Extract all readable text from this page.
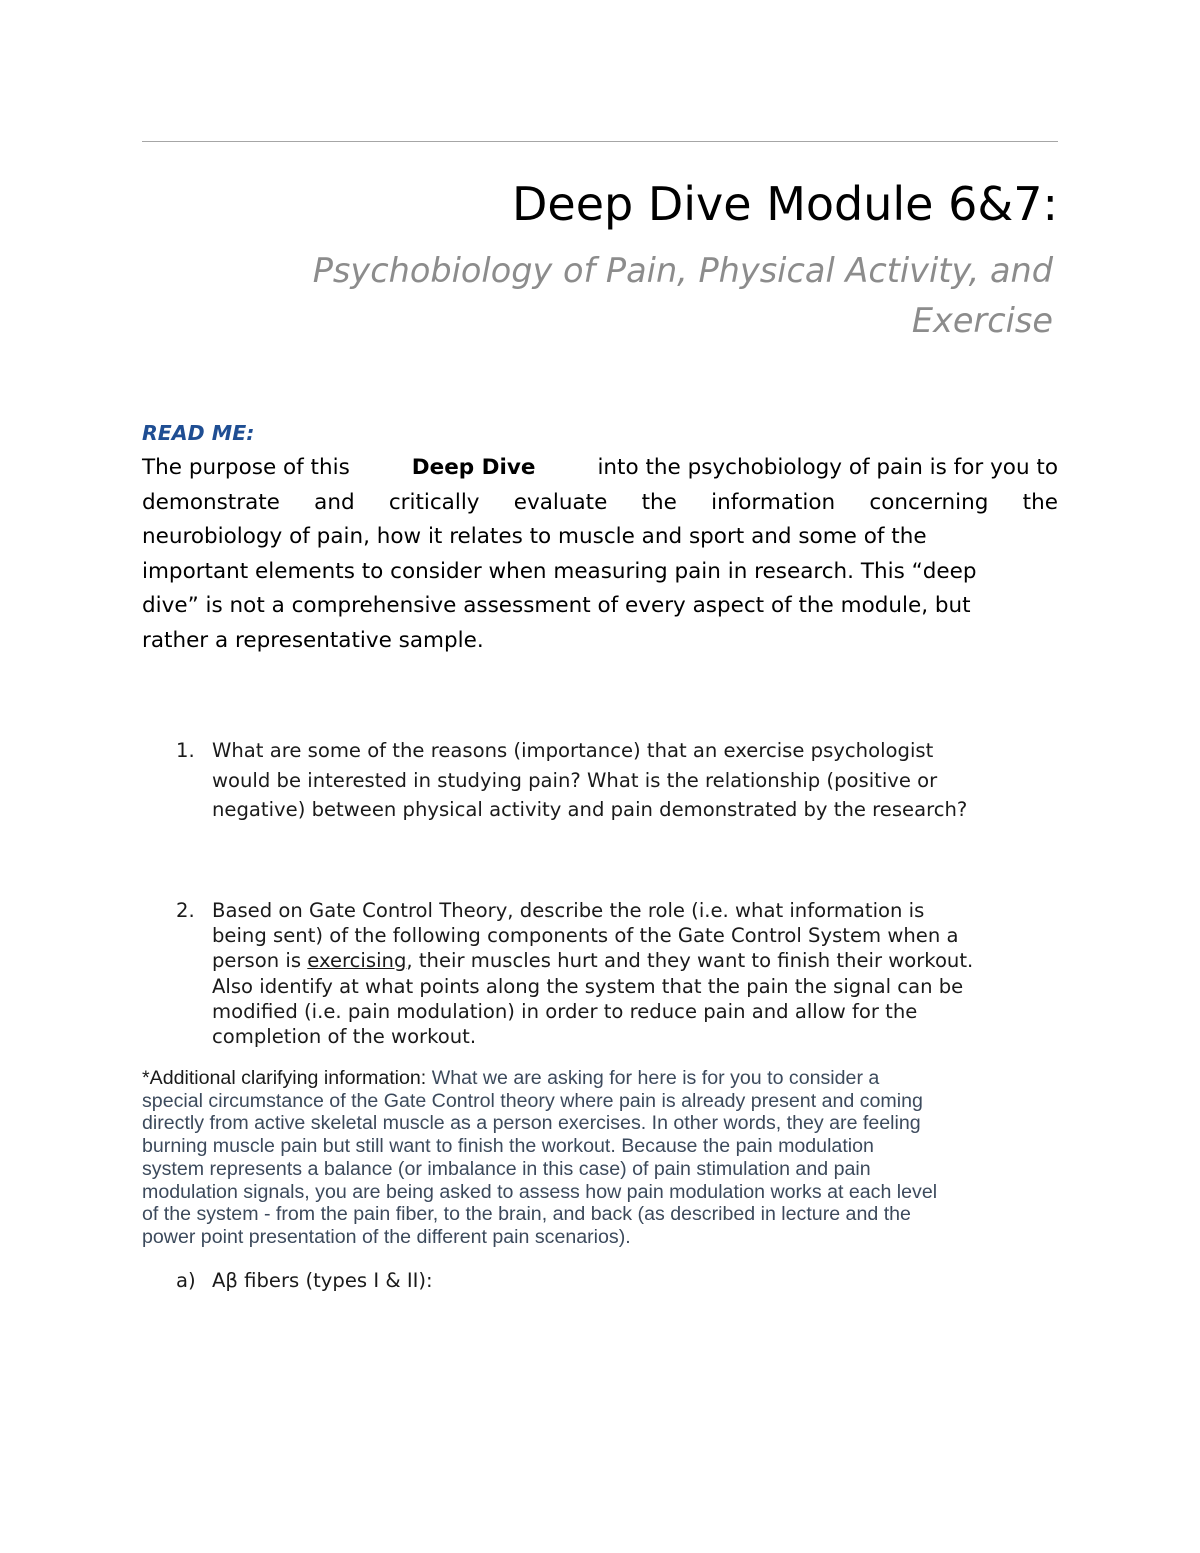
Deep Dive Module 6&7:
Psychobiology of Pain, Physical Activity, and
Exercise
READ ME:
The purpose of this	Deep Dive	into the psychobiology of pain is for you to
demonstrate and critically evaluate the information concerning the
neurobiology of pain, how it relates to muscle and sport and some of the
important elements to consider when measuring pain in research. This “deep
dive” is not a comprehensive assessment of every aspect of the module, but
rather a representative sample.
1. What are some of the reasons (importance) that an exercise psychologist
would be interested in studying pain? What is the relationship (positive or
negative) between physical activity and pain demonstrated by the research?
2. Based on Gate Control Theory, describe the role (i.e. what information is
being sent) of the following components of the Gate Control System when a
person is exercising, their muscles hurt and they want to finish their workout.
Also identify at what points along the system that the pain the signal can be
modified (i.e. pain modulation) in order to reduce pain and allow for the
completion of the workout.
*Additional clarifying information: What we are asking for here is for you to consider a
special circumstance of the Gate Control theory where pain is already present and coming
directly from active skeletal muscle as a person exercises. In other words, they are feeling
burning muscle pain but still want to finish the workout. Because the pain modulation
system represents a balance (or imbalance in this case) of pain stimulation and pain
modulation signals, you are being asked to assess how pain modulation works at each level
of the system - from the pain fiber, to the brain, and back (as described in lecture and the
power point presentation of the different pain scenarios).
a) Aβ fibers (types I & II):
